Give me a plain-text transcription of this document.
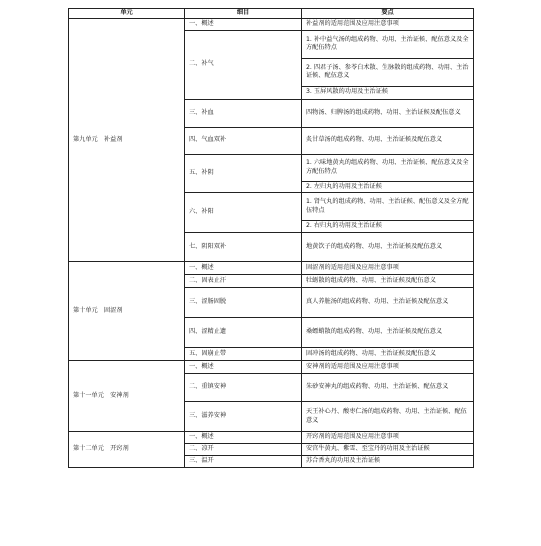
单元	细目	要点
第九单元　补益剂	一、概述	补益剂的适用范围及应用注意事项
	二、补气	1. 补中益气汤的组成药物、功用、主治证候、配伍意义及全方配伍特点
		2. 四君子汤、参苓白术散、生脉散的组成药物、功用、主治证候、配伍意义
		3. 玉屏风散的功用及主治证候
	三、补血	四物汤、归脾汤的组成药物、功用、主治证候及配伍意义
	四、气血双补	炙甘草汤的组成药物、功用、主治证候及配伍意义
	五、补阴	1. 六味地黄丸的组成药物、功用、主治证候、配伍意义及全方配伍特点
		2. 左归丸的功用及主治证候
	六、补阳	1. 肾气丸的组成药物、功用、主治证候、配伍意义及全方配伍特点
		2. 右归丸的功用及主治证候
	七、阴阳双补	地黄饮子的组成药物、功用、主治证候及配伍意义
第十单元　固涩剂	一、概述	固涩剂的适用范围及应用注意事项
	二、固表止汗	牡蛎散的组成药物、功用、主治证候及配伍意义
	三、涩肠固脱	真人养脏汤的组成药物、功用、主治证候及配伍意义
	四、涩精止遗	桑螵蛸散的组成药物、功用、主治证候及配伍意义
	五、固崩止带	固冲汤的组成药物、功用、主治证候及配伍意义
第十一单元　安神剂	一、概述	安神剂的适用范围及应用注意事项
	二、重镇安神	朱砂安神丸的组成药物、功用、主治证候、配伍意义
	三、滋养安神	天王补心丹、酸枣仁汤的组成药物、功用、主治证候、配伍意义
第十二单元　开窍剂	一、概述	开窍剂的适用范围及应用注意事项
	二、凉开	安宫牛黄丸、紫雪、至宝丹的功用及主治证候
	三、温开	苏合香丸的功用及主治证候
